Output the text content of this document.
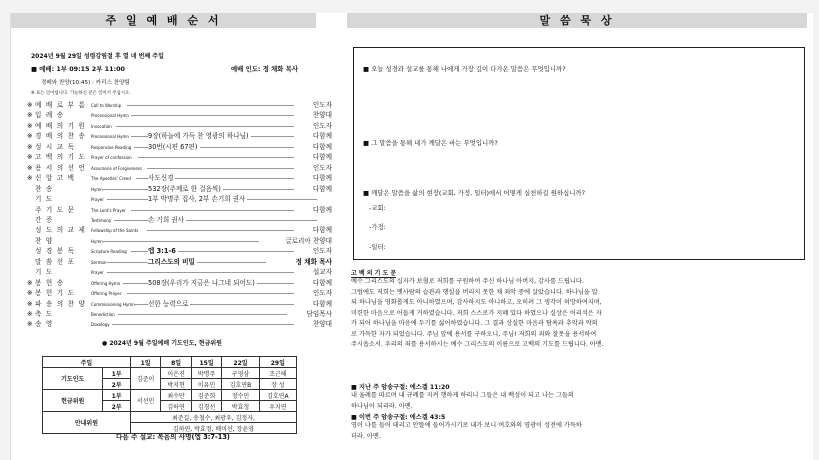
주 일 예 배 순 서
2024년 9월 29일 성령강림절 후 열 네 번째 주일
■ 예배: 1부 09:15 2부 11:00	예배 인도: 정 채화 목사
경배와 찬양(10:45) : 카리스 찬양팀
※ 표는 일어섭니다. 가능하신 분은 일어서 주십시오.
※ 예 배 로 부 름 Call to Worship	인도자
※ 입 례 송	Processional Hymn	찬양대
※ 예 배 의 기 원 Invocation	인도자
※ 경 배 의 찬 송 Processional Hymn	9장(하늘에 가득 찬 영광의 하나님)	다함께
※ 성 시 교 독	Responsive Reading	30번(시편 67편)	다함께
※ 고 백 의 기 도 Prayer of confession	다함께
※ 용 서 의 선 언 Assurance of Forgiveness	인도자
※ 신 앙 고 백	The Apostles' Creed	사도신경	다함께
찬 송	Hymn	532장(주께로 한 걸음씩)	다함께
기 도	Prayer	1부 박명주 집사, 2부 손기희 권사
주 기 도 문	The Lord's Prayer	다함께
간 증	Testimony	손 기희 권사
성 도 의 교 제 Fellowship of the Saints	다함께
찬 양	Hymn	글로리아 찬양대
성 경 봉 독	Scripture Reading	엡 3:1-6	인도자
말 씀 선 포	Sermon	그리스도의 비밀	정 채화 목사
기 도	Prayer	설교자
※ 봉 헌 송	Offering Hymn	508장(우리가 지금은 나그네 되어도)	다함께
※ 봉 헌 기 도	Offering Prayer	인도자
※ 파 송 의 찬 양 Commissioning Hymn 선한 능력으로	다함께
※ 축 도	Benediction	담임목사
※ 송 영	Doxology	찬양대
● 2024년 9월 주일예배 기도인도, 현금위원
주일		1일	8일	15일	22일	29일
기도인도	1부	김준이	이은진	박명주	구영삼	조근해
	2부		박지현	이유민	김호연B	장 성
헌금위원	1부	서선민	최수만	김준희	정수민	김호연A
	2부		김하연	김경선	박효정	우지연
안내위원		최준길, 송철수, 최광우, 김정자,				
		김하연, 박효정, 배미선, 장윤영				
다음 주 설교: 복음의 사명(엡 3:7-13)
말 씀 묵 상
■ 오늘 성경과 설교를 통해 나에게 가장 깊이 다가온 말씀은 무엇입니까?
■ 그 말씀을 통해 내가 깨달은 바는 무엇입니까?
■ 깨달은 말씀을 삶의 현장(교회, 가정, 일터)에서 어떻게 실천하길 원하십니까?
-교회:
-가정:
-일터:
고 백 의 기 도 문
예수 그리스도의 십자가 보혈로 저희를 구원하여 주신 하나님 아버지, 감사를 드립니다.
그럼에도 저희는 옛사람의 습관과 행실을 버리지 못한 채 죄악 중에 살았습니다. 하나님을 알
되 하나님을 영화롭게도 아니하였으며, 감사하지도 아니하고, 오히려 그 생각이 허망하여지며,
미련한 마음으로 어둡게 거하였습니다. 저희 스스로가 지혜 있다 하였으나 실상은 어리석은 자
가 되어 하나님을 마음에 두기를 싫어하였습니다. 그 결과 상실한 마음과 탐욕과 추악과 악의
로 가득한 자가 되었습니다. 주님 앞에 용서를 구하오니, 주님! 저희의 죄와 잘못을 용서하여
주시옵소서. 우리의 죄를 용서하시는 예수 그리스도의 이름으로 고백의 기도를 드립니다. 아멘.
■ 지난 주 암송구절: 에스겔 11:20
내 율례를 따르며 내 규례를 지켜 행하게 하리니 그들은 내 백성이 되고 나는 그들의
하나님이 되리라. 아멘.
■ 이번 주 암송구절: 에스겔 43:5
영이 나를 들어 데리고 안뜰에 들어가시기로 내가 보니 여호와의 영광이 성전에 가득하
더라. 아멘.
